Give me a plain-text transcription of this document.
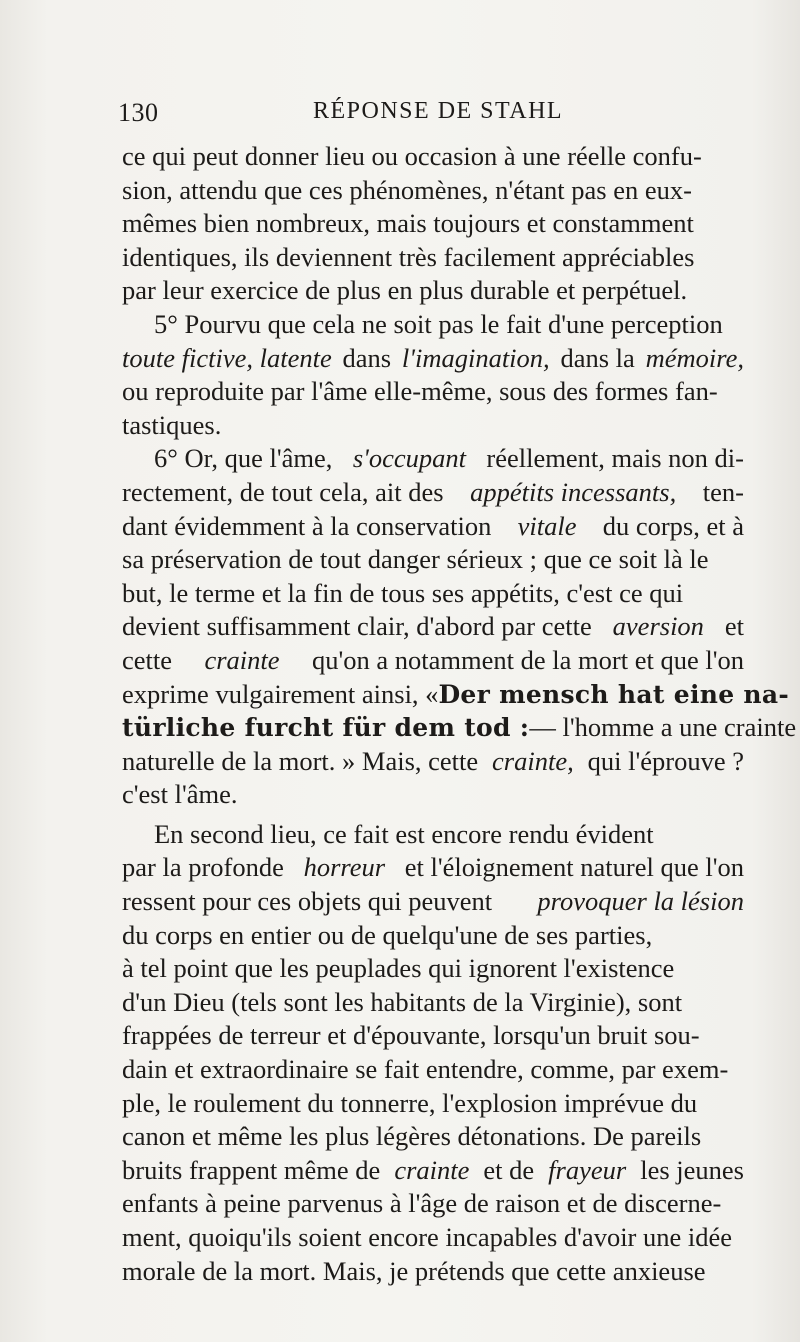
130	RÉPONSE DE STAHL
ce qui peut donner lieu ou occasion à une réelle confu-
sion, attendu que ces phénomènes, n'étant pas en eux-
mêmes bien nombreux, mais toujours et constamment
identiques, ils deviennent très facilement appréciables
par leur exercice de plus en plus durable et perpétuel.
5° Pourvu que cela ne soit pas le fait d'une perception
toute fictive, latente dans l'imagination, dans la mémoire,
ou reproduite par l'âme elle-même, sous des formes fan-
tastiques.
6° Or, que l'âme, s'occupant réellement, mais non di-
rectement, de tout cela, ait des appétits incessants, ten-
dant évidemment à la conservation vitale du corps, et à
sa préservation de tout danger sérieux ; que ce soit là le
but, le terme et la fin de tous ses appétits, c'est ce qui
devient suffisamment clair, d'abord par cette aversion et
cette crainte qu'on a notamment de la mort et que l'on
exprime vulgairement ainsi, « Der mensch hat eine na-
türliche furcht für dem tod : — l'homme a une crainte
naturelle de la mort. » Mais, cette crainte, qui l'éprouve ?
c'est l'âme.
En second lieu, ce fait est encore rendu évident
par la profonde horreur et l'éloignement naturel que l'on
ressent pour ces objets qui peuvent provoquer la lésion
du corps en entier ou de quelqu'une de ses parties,
à tel point que les peuplades qui ignorent l'existence
d'un Dieu (tels sont les habitants de la Virginie), sont
frappées de terreur et d'épouvante, lorsqu'un bruit sou-
dain et extraordinaire se fait entendre, comme, par exem-
ple, le roulement du tonnerre, l'explosion imprévue du
canon et même les plus légères détonations. De pareils
bruits frappent même de crainte et de frayeur les jeunes
enfants à peine parvenus à l'âge de raison et de discerne-
ment, quoiqu'ils soient encore incapables d'avoir une idée
morale de la mort. Mais, je prétends que cette anxieuse
